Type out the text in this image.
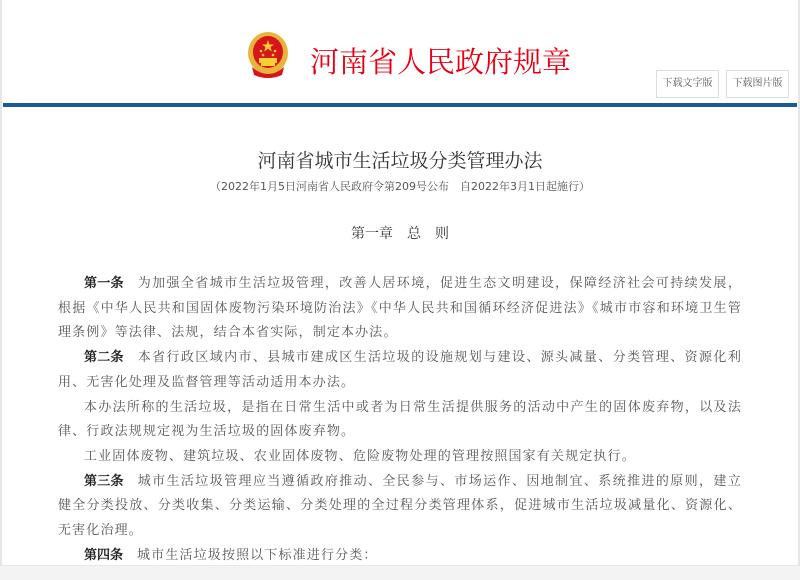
河南省人民政府规章
下载文字版	下载图片版
河南省城市生活垃圾分类管理办法
（2022年1月5日河南省人民政府令第209号公布　自2022年3月1日起施行）
第一章　总　则

第一条 为加强全省城市生活垃圾管理，改善人居环境，促进生态文明建设，保障经济社会可持续发展，根据《中华人民共和国固体废物污染环境防治法》《中华人民共和国循环经济促进法》《城市市容和环境卫生管理条例》等法律、法规，结合本省实际，制定本办法。

第二条 本省行政区域内市、县城市建成区生活垃圾的设施规划与建设、源头减量、分类管理、资源化利用、无害化处理及监督管理等活动适用本办法。

本办法所称的生活垃圾，是指在日常生活中或者为日常生活提供服务的活动中产生的固体废弃物，以及法律、行政法规规定视为生活垃圾的固体废弃物。

工业固体废物、建筑垃圾、农业固体废物、危险废物处理的管理按照国家有关规定执行。

第三条 城市生活垃圾管理应当遵循政府推动、全民参与、市场运作、因地制宜、系统推进的原则，建立健全分类投放、分类收集、分类运输、分类处理的全过程分类管理体系，促进城市生活垃圾减量化、资源化、无害化治理。

第四条 城市生活垃圾按照以下标准进行分类：
